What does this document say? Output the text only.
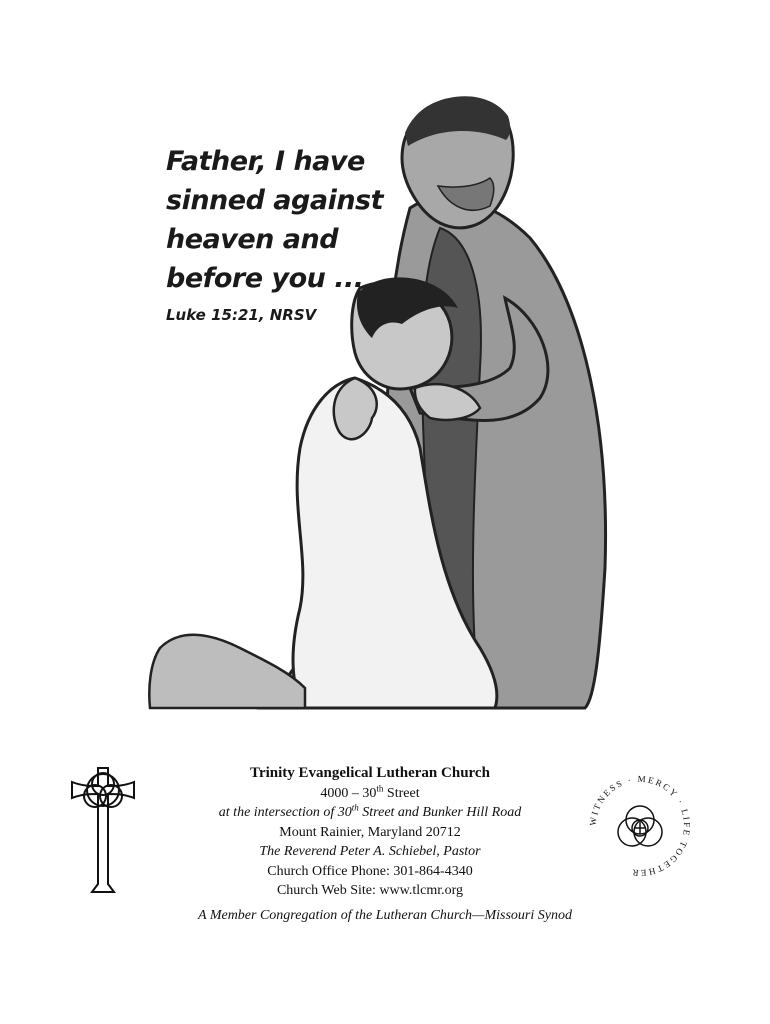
Father, I have
sinned against
heaven and
before you ...
Luke 15:21, NRSV
Trinity Evangelical Lutheran Church
4000 – 30th Street
at the intersection of 30th Street and Bunker Hill Road
Mount Rainier, Maryland 20712
The Reverend Peter A. Schiebel, Pastor
Church Office Phone: 301-864-4340
Church Web Site: www.tlcmr.org
WITNESS · MERCY · LIFE TOGETHER
A Member Congregation of the Lutheran Church—Missouri Synod
